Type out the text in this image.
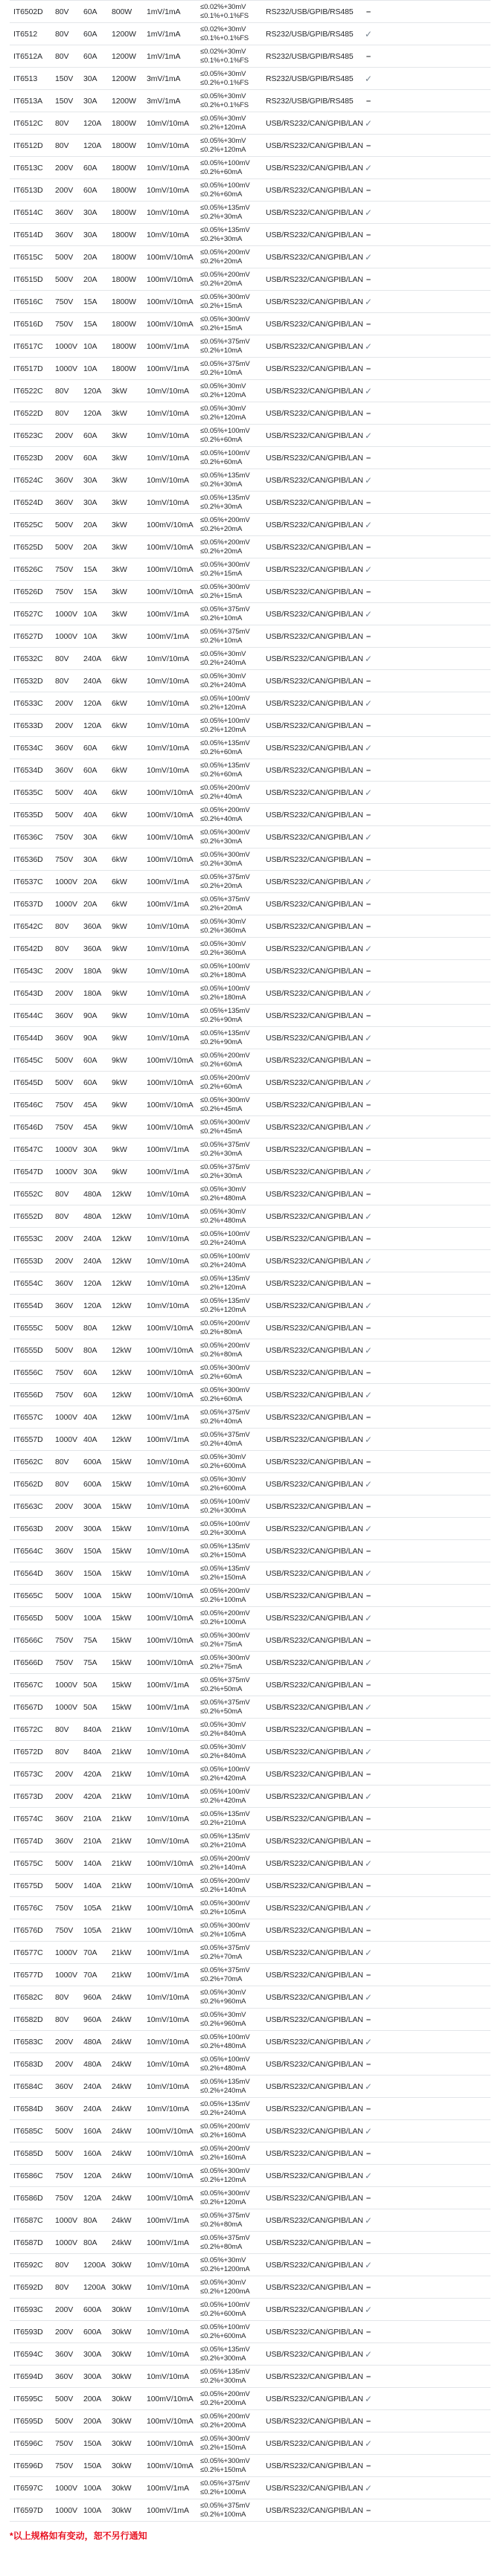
IT6502D	80V	60A	800W	1mV/1mA	≤0.02%+30mV
≤0.1%+0.1%FS	RS232/USB/GPIB/RS485	–
IT6512	80V	60A	1200W	1mV/1mA	≤0.02%+30mV
≤0.1%+0.1%FS	RS232/USB/GPIB/RS485	✓
IT6512A	80V	60A	1200W	1mV/1mA	≤0.02%+30mV
≤0.1%+0.1%FS	RS232/USB/GPIB/RS485	–
IT6513	150V	30A	1200W	3mV/1mA	≤0.05%+30mV
≤0.2%+0.1%FS	RS232/USB/GPIB/RS485	✓
IT6513A	150V	30A	1200W	3mV/1mA	≤0.05%+30mV
≤0.2%+0.1%FS	RS232/USB/GPIB/RS485	–
IT6512C	80V	120A	1800W	10mV/10mA	≤0.05%+30mV
≤0.2%+120mA	USB/RS232/CAN/GPIB/LAN ✓
IT6512D	80V	120A	1800W	10mV/10mA	≤0.05%+30mV
≤0.2%+120mA	USB/RS232/CAN/GPIB/LAN –
IT6513C	200V	60A	1800W	10mV/10mA	≤0.05%+100mV
≤0.2%+60mA	USB/RS232/CAN/GPIB/LAN ✓
IT6513D	200V	60A	1800W	10mV/10mA	≤0.05%+100mV
≤0.2%+60mA	USB/RS232/CAN/GPIB/LAN –
IT6514C	360V	30A	1800W	10mV/10mA	≤0.05%+135mV
≤0.2%+30mA	USB/RS232/CAN/GPIB/LAN ✓
IT6514D	360V	30A	1800W	10mV/10mA	≤0.05%+135mV
≤0.2%+30mA	USB/RS232/CAN/GPIB/LAN –
IT6515C	500V	20A	1800W	100mV/10mA ≤0.05%+200mV
≤0.2%+20mA	USB/RS232/CAN/GPIB/LAN ✓
IT6515D	500V	20A	1800W	100mV/10mA ≤0.05%+200mV
≤0.2%+20mA	USB/RS232/CAN/GPIB/LAN –
IT6516C	750V	15A	1800W	100mV/10mA ≤0.05%+300mV
≤0.2%+15mA	USB/RS232/CAN/GPIB/LAN ✓
IT6516D	750V	15A	1800W	100mV/10mA ≤0.05%+300mV
≤0.2%+15mA	USB/RS232/CAN/GPIB/LAN –
IT6517C	1000V 10A	1800W	100mV/1mA	≤0.05%+375mV
≤0.2%+10mA	USB/RS232/CAN/GPIB/LAN ✓
IT6517D	1000V 10A	1800W	100mV/1mA	≤0.05%+375mV
≤0.2%+10mA	USB/RS232/CAN/GPIB/LAN –
IT6522C	80V	120A	3kW	10mV/10mA	≤0.05%+30mV
≤0.2%+120mA	USB/RS232/CAN/GPIB/LAN ✓
IT6522D	80V	120A	3kW	10mV/10mA	≤0.05%+30mV
≤0.2%+120mA	USB/RS232/CAN/GPIB/LAN –
IT6523C	200V	60A	3kW	10mV/10mA	≤0.05%+100mV
≤0.2%+60mA	USB/RS232/CAN/GPIB/LAN ✓
IT6523D	200V	60A	3kW	10mV/10mA	≤0.05%+100mV
≤0.2%+60mA	USB/RS232/CAN/GPIB/LAN –
IT6524C	360V	30A	3kW	10mV/10mA	≤0.05%+135mV
≤0.2%+30mA	USB/RS232/CAN/GPIB/LAN ✓
IT6524D	360V	30A	3kW	10mV/10mA	≤0.05%+135mV
≤0.2%+30mA	USB/RS232/CAN/GPIB/LAN –
IT6525C	500V	20A	3kW	100mV/10mA ≤0.05%+200mV
≤0.2%+20mA	USB/RS232/CAN/GPIB/LAN ✓
IT6525D	500V	20A	3kW	100mV/10mA ≤0.05%+200mV
≤0.2%+20mA	USB/RS232/CAN/GPIB/LAN –
IT6526C	750V	15A	3kW	100mV/10mA ≤0.05%+300mV
≤0.2%+15mA	USB/RS232/CAN/GPIB/LAN ✓
IT6526D	750V	15A	3kW	100mV/10mA ≤0.05%+300mV
≤0.2%+15mA	USB/RS232/CAN/GPIB/LAN –
IT6527C	1000V 10A	3kW	100mV/1mA	≤0.05%+375mV
≤0.2%+10mA	USB/RS232/CAN/GPIB/LAN ✓
IT6527D	1000V 10A	3kW	100mV/1mA	≤0.05%+375mV
≤0.2%+10mA	USB/RS232/CAN/GPIB/LAN –
IT6532C	80V	240A	6kW	10mV/10mA	≤0.05%+30mV
≤0.2%+240mA	USB/RS232/CAN/GPIB/LAN ✓
IT6532D	80V	240A	6kW	10mV/10mA	≤0.05%+30mV
≤0.2%+240mA	USB/RS232/CAN/GPIB/LAN –
IT6533C	200V	120A	6kW	10mV/10mA	≤0.05%+100mV
≤0.2%+120mA	USB/RS232/CAN/GPIB/LAN ✓
IT6533D	200V	120A	6kW	10mV/10mA	≤0.05%+100mV
≤0.2%+120mA	USB/RS232/CAN/GPIB/LAN –
IT6534C	360V	60A	6kW	10mV/10mA	≤0.05%+135mV
≤0.2%+60mA	USB/RS232/CAN/GPIB/LAN ✓
IT6534D	360V	60A	6kW	10mV/10mA	≤0.05%+135mV
≤0.2%+60mA	USB/RS232/CAN/GPIB/LAN –
IT6535C	500V	40A	6kW	100mV/10mA ≤0.05%+200mV
≤0.2%+40mA	USB/RS232/CAN/GPIB/LAN ✓
IT6535D	500V	40A	6kW	100mV/10mA ≤0.05%+200mV
≤0.2%+40mA	USB/RS232/CAN/GPIB/LAN –
IT6536C	750V	30A	6kW	100mV/10mA ≤0.05%+300mV
≤0.2%+30mA	USB/RS232/CAN/GPIB/LAN ✓
IT6536D	750V	30A	6kW	100mV/10mA ≤0.05%+300mV
≤0.2%+30mA	USB/RS232/CAN/GPIB/LAN –
IT6537C	1000V 20A	6kW	100mV/1mA	≤0.05%+375mV
≤0.2%+20mA	USB/RS232/CAN/GPIB/LAN ✓
IT6537D	1000V 20A	6kW	100mV/1mA	≤0.05%+375mV
≤0.2%+20mA	USB/RS232/CAN/GPIB/LAN –
IT6542C	80V	360A	9kW	10mV/10mA	≤0.05%+30mV
≤0.2%+360mA	USB/RS232/CAN/GPIB/LAN –
IT6542D	80V	360A	9kW	10mV/10mA	≤0.05%+30mV
≤0.2%+360mA	USB/RS232/CAN/GPIB/LAN ✓
IT6543C	200V	180A	9kW	10mV/10mA	≤0.05%+100mV
≤0.2%+180mA	USB/RS232/CAN/GPIB/LAN –
IT6543D	200V	180A	9kW	10mV/10mA	≤0.05%+100mV
≤0.2%+180mA	USB/RS232/CAN/GPIB/LAN ✓
IT6544C	360V	90A	9kW	10mV/10mA	≤0.05%+135mV
≤0.2%+90mA	USB/RS232/CAN/GPIB/LAN –
IT6544D	360V	90A	9kW	10mV/10mA	≤0.05%+135mV
≤0.2%+90mA	USB/RS232/CAN/GPIB/LAN ✓
IT6545C	500V	60A	9kW	100mV/10mA ≤0.05%+200mV
≤0.2%+60mA	USB/RS232/CAN/GPIB/LAN –
IT6545D	500V	60A	9kW	100mV/10mA ≤0.05%+200mV
≤0.2%+60mA	USB/RS232/CAN/GPIB/LAN ✓
IT6546C	750V	45A	9kW	100mV/10mA ≤0.05%+300mV
≤0.2%+45mA	USB/RS232/CAN/GPIB/LAN –
IT6546D	750V	45A	9kW	100mV/10mA ≤0.05%+300mV
≤0.2%+45mA	USB/RS232/CAN/GPIB/LAN ✓
IT6547C	1000V 30A	9kW	100mV/1mA	≤0.05%+375mV
≤0.2%+30mA	USB/RS232/CAN/GPIB/LAN –
IT6547D	1000V 30A	9kW	100mV/1mA	≤0.05%+375mV
≤0.2%+30mA	USB/RS232/CAN/GPIB/LAN ✓
IT6552C	80V	480A	12kW	10mV/10mA	≤0.05%+30mV
≤0.2%+480mA	USB/RS232/CAN/GPIB/LAN –
IT6552D	80V	480A	12kW	10mV/10mA	≤0.05%+30mV
≤0.2%+480mA	USB/RS232/CAN/GPIB/LAN ✓
IT6553C	200V	240A	12kW	10mV/10mA	≤0.05%+100mV
≤0.2%+240mA	USB/RS232/CAN/GPIB/LAN –
IT6553D	200V	240A	12kW	10mV/10mA	≤0.05%+100mV
≤0.2%+240mA	USB/RS232/CAN/GPIB/LAN ✓
IT6554C	360V	120A	12kW	10mV/10mA	≤0.05%+135mV
≤0.2%+120mA	USB/RS232/CAN/GPIB/LAN –
IT6554D	360V	120A	12kW	10mV/10mA	≤0.05%+135mV
≤0.2%+120mA	USB/RS232/CAN/GPIB/LAN ✓
IT6555C	500V	80A	12kW	100mV/10mA ≤0.05%+200mV
≤0.2%+80mA	USB/RS232/CAN/GPIB/LAN –
IT6555D	500V	80A	12kW	100mV/10mA ≤0.05%+200mV
≤0.2%+80mA	USB/RS232/CAN/GPIB/LAN ✓
IT6556C	750V	60A	12kW	100mV/10mA ≤0.05%+300mV
≤0.2%+60mA	USB/RS232/CAN/GPIB/LAN –
IT6556D	750V	60A	12kW	100mV/10mA ≤0.05%+300mV
≤0.2%+60mA	USB/RS232/CAN/GPIB/LAN ✓
IT6557C	1000V 40A	12kW	100mV/1mA	≤0.05%+375mV
≤0.2%+40mA	USB/RS232/CAN/GPIB/LAN –
IT6557D	1000V 40A	12kW	100mV/1mA	≤0.05%+375mV
≤0.2%+40mA	USB/RS232/CAN/GPIB/LAN ✓
IT6562C	80V	600A	15kW	10mV/10mA	≤0.05%+30mV
≤0.2%+600mA	USB/RS232/CAN/GPIB/LAN –
IT6562D	80V	600A	15kW	10mV/10mA	≤0.05%+30mV
≤0.2%+600mA	USB/RS232/CAN/GPIB/LAN ✓
IT6563C	200V	300A	15kW	10mV/10mA	≤0.05%+100mV
≤0.2%+300mA	USB/RS232/CAN/GPIB/LAN –
IT6563D	200V	300A	15kW	10mV/10mA	≤0.05%+100mV
≤0.2%+300mA	USB/RS232/CAN/GPIB/LAN ✓
IT6564C	360V	150A	15kW	10mV/10mA	≤0.05%+135mV
≤0.2%+150mA	USB/RS232/CAN/GPIB/LAN –
IT6564D	360V	150A	15kW	10mV/10mA	≤0.05%+135mV
≤0.2%+150mA	USB/RS232/CAN/GPIB/LAN ✓
IT6565C	500V	100A	15kW	100mV/10mA ≤0.05%+200mV
≤0.2%+100mA	USB/RS232/CAN/GPIB/LAN –
IT6565D	500V	100A	15kW	100mV/10mA ≤0.05%+200mV
≤0.2%+100mA	USB/RS232/CAN/GPIB/LAN ✓
IT6566C	750V	75A	15kW	100mV/10mA ≤0.05%+300mV
≤0.2%+75mA	USB/RS232/CAN/GPIB/LAN –
IT6566D	750V	75A	15kW	100mV/10mA ≤0.05%+300mV
≤0.2%+75mA	USB/RS232/CAN/GPIB/LAN ✓
IT6567C	1000V 50A	15kW	100mV/1mA	≤0.05%+375mV
≤0.2%+50mA	USB/RS232/CAN/GPIB/LAN –
IT6567D	1000V 50A	15kW	100mV/1mA	≤0.05%+375mV
≤0.2%+50mA	USB/RS232/CAN/GPIB/LAN ✓
IT6572C	80V	840A	21kW	10mV/10mA	≤0.05%+30mV
≤0.2%+840mA	USB/RS232/CAN/GPIB/LAN –
IT6572D	80V	840A	21kW	10mV/10mA	≤0.05%+30mV
≤0.2%+840mA	USB/RS232/CAN/GPIB/LAN ✓
IT6573C	200V	420A	21kW	10mV/10mA	≤0.05%+100mV
≤0.2%+420mA	USB/RS232/CAN/GPIB/LAN –
IT6573D	200V	420A	21kW	10mV/10mA	≤0.05%+100mV
≤0.2%+420mA	USB/RS232/CAN/GPIB/LAN ✓
IT6574C	360V	210A	21kW	10mV/10mA	≤0.05%+135mV
≤0.2%+210mA	USB/RS232/CAN/GPIB/LAN –
IT6574D	360V	210A	21kW	10mV/10mA	≤0.05%+135mV
≤0.2%+210mA	USB/RS232/CAN/GPIB/LAN –
IT6575C	500V	140A	21kW	100mV/10mA ≤0.05%+200mV
≤0.2%+140mA	USB/RS232/CAN/GPIB/LAN ✓
IT6575D	500V	140A	21kW	100mV/10mA ≤0.05%+200mV
≤0.2%+140mA	USB/RS232/CAN/GPIB/LAN –
IT6576C	750V	105A	21kW	100mV/10mA ≤0.05%+300mV
≤0.2%+105mA	USB/RS232/CAN/GPIB/LAN ✓
IT6576D	750V	105A	21kW	100mV/10mA ≤0.05%+300mV
≤0.2%+105mA	USB/RS232/CAN/GPIB/LAN –
IT6577C	1000V 70A	21kW	100mV/1mA	≤0.05%+375mV
≤0.2%+70mA	USB/RS232/CAN/GPIB/LAN ✓
IT6577D	1000V 70A	21kW	100mV/1mA	≤0.05%+375mV
≤0.2%+70mA	USB/RS232/CAN/GPIB/LAN –
IT6582C	80V	960A	24kW	10mV/10mA	≤0.05%+30mV
≤0.2%+960mA	USB/RS232/CAN/GPIB/LAN ✓
IT6582D	80V	960A	24kW	10mV/10mA	≤0.05%+30mV
≤0.2%+960mA	USB/RS232/CAN/GPIB/LAN –
IT6583C	200V	480A	24kW	10mV/10mA	≤0.05%+100mV
≤0.2%+480mA	USB/RS232/CAN/GPIB/LAN ✓
IT6583D	200V	480A	24kW	10mV/10mA	≤0.05%+100mV
≤0.2%+480mA	USB/RS232/CAN/GPIB/LAN –
IT6584C	360V	240A	24kW	10mV/10mA	≤0.05%+135mV
≤0.2%+240mA	USB/RS232/CAN/GPIB/LAN ✓
IT6584D	360V	240A	24kW	10mV/10mA	≤0.05%+135mV
≤0.2%+240mA	USB/RS232/CAN/GPIB/LAN –
IT6585C	500V	160A	24kW	100mV/10mA ≤0.05%+200mV
≤0.2%+160mA	USB/RS232/CAN/GPIB/LAN ✓
IT6585D	500V	160A	24kW	100mV/10mA ≤0.05%+200mV
≤0.2%+160mA	USB/RS232/CAN/GPIB/LAN –
IT6586C	750V	120A	24kW	100mV/10mA ≤0.05%+300mV
≤0.2%+120mA	USB/RS232/CAN/GPIB/LAN ✓
IT6586D	750V	120A	24kW	100mV/10mA ≤0.05%+300mV
≤0.2%+120mA	USB/RS232/CAN/GPIB/LAN –
IT6587C	1000V 80A	24kW	100mV/1mA	≤0.05%+375mV
≤0.2%+80mA	USB/RS232/CAN/GPIB/LAN ✓
IT6587D	1000V 80A	24kW	100mV/1mA	≤0.05%+375mV
≤0.2%+80mA	USB/RS232/CAN/GPIB/LAN –
IT6592C	80V	1200A 30kW	10mV/10mA	≤0.05%+30mV
≤0.2%+1200mA	USB/RS232/CAN/GPIB/LAN ✓
IT6592D	80V	1200A 30kW	10mV/10mA	≤0.05%+30mV
≤0.2%+1200mA	USB/RS232/CAN/GPIB/LAN –
IT6593C	200V	600A	30kW	10mV/10mA	≤0.05%+100mV
≤0.2%+600mA	USB/RS232/CAN/GPIB/LAN ✓
IT6593D	200V	600A	30kW	10mV/10mA	≤0.05%+100mV
≤0.2%+600mA	USB/RS232/CAN/GPIB/LAN –
IT6594C	360V	300A	30kW	10mV/10mA	≤0.05%+135mV
≤0.2%+300mA	USB/RS232/CAN/GPIB/LAN ✓
IT6594D	360V	300A	30kW	10mV/10mA	≤0.05%+135mV
≤0.2%+300mA	USB/RS232/CAN/GPIB/LAN –
IT6595C	500V	200A	30kW	100mV/10mA ≤0.05%+200mV
≤0.2%+200mA	USB/RS232/CAN/GPIB/LAN ✓
IT6595D	500V	200A	30kW	100mV/10mA ≤0.05%+200mV
≤0.2%+200mA	USB/RS232/CAN/GPIB/LAN –
IT6596C	750V	150A	30kW	100mV/10mA ≤0.05%+300mV
≤0.2%+150mA	USB/RS232/CAN/GPIB/LAN ✓
IT6596D	750V	150A	30kW	100mV/10mA ≤0.05%+300mV
≤0.2%+150mA	USB/RS232/CAN/GPIB/LAN –
IT6597C	1000V 100A	30kW	100mV/1mA	≤0.05%+375mV
≤0.2%+100mA	USB/RS232/CAN/GPIB/LAN ✓
IT6597D	1000V 100A	30kW	100mV/1mA	≤0.05%+375mV
≤0.2%+100mA	USB/RS232/CAN/GPIB/LAN –
*以上规格如有变动，恕不另行通知
